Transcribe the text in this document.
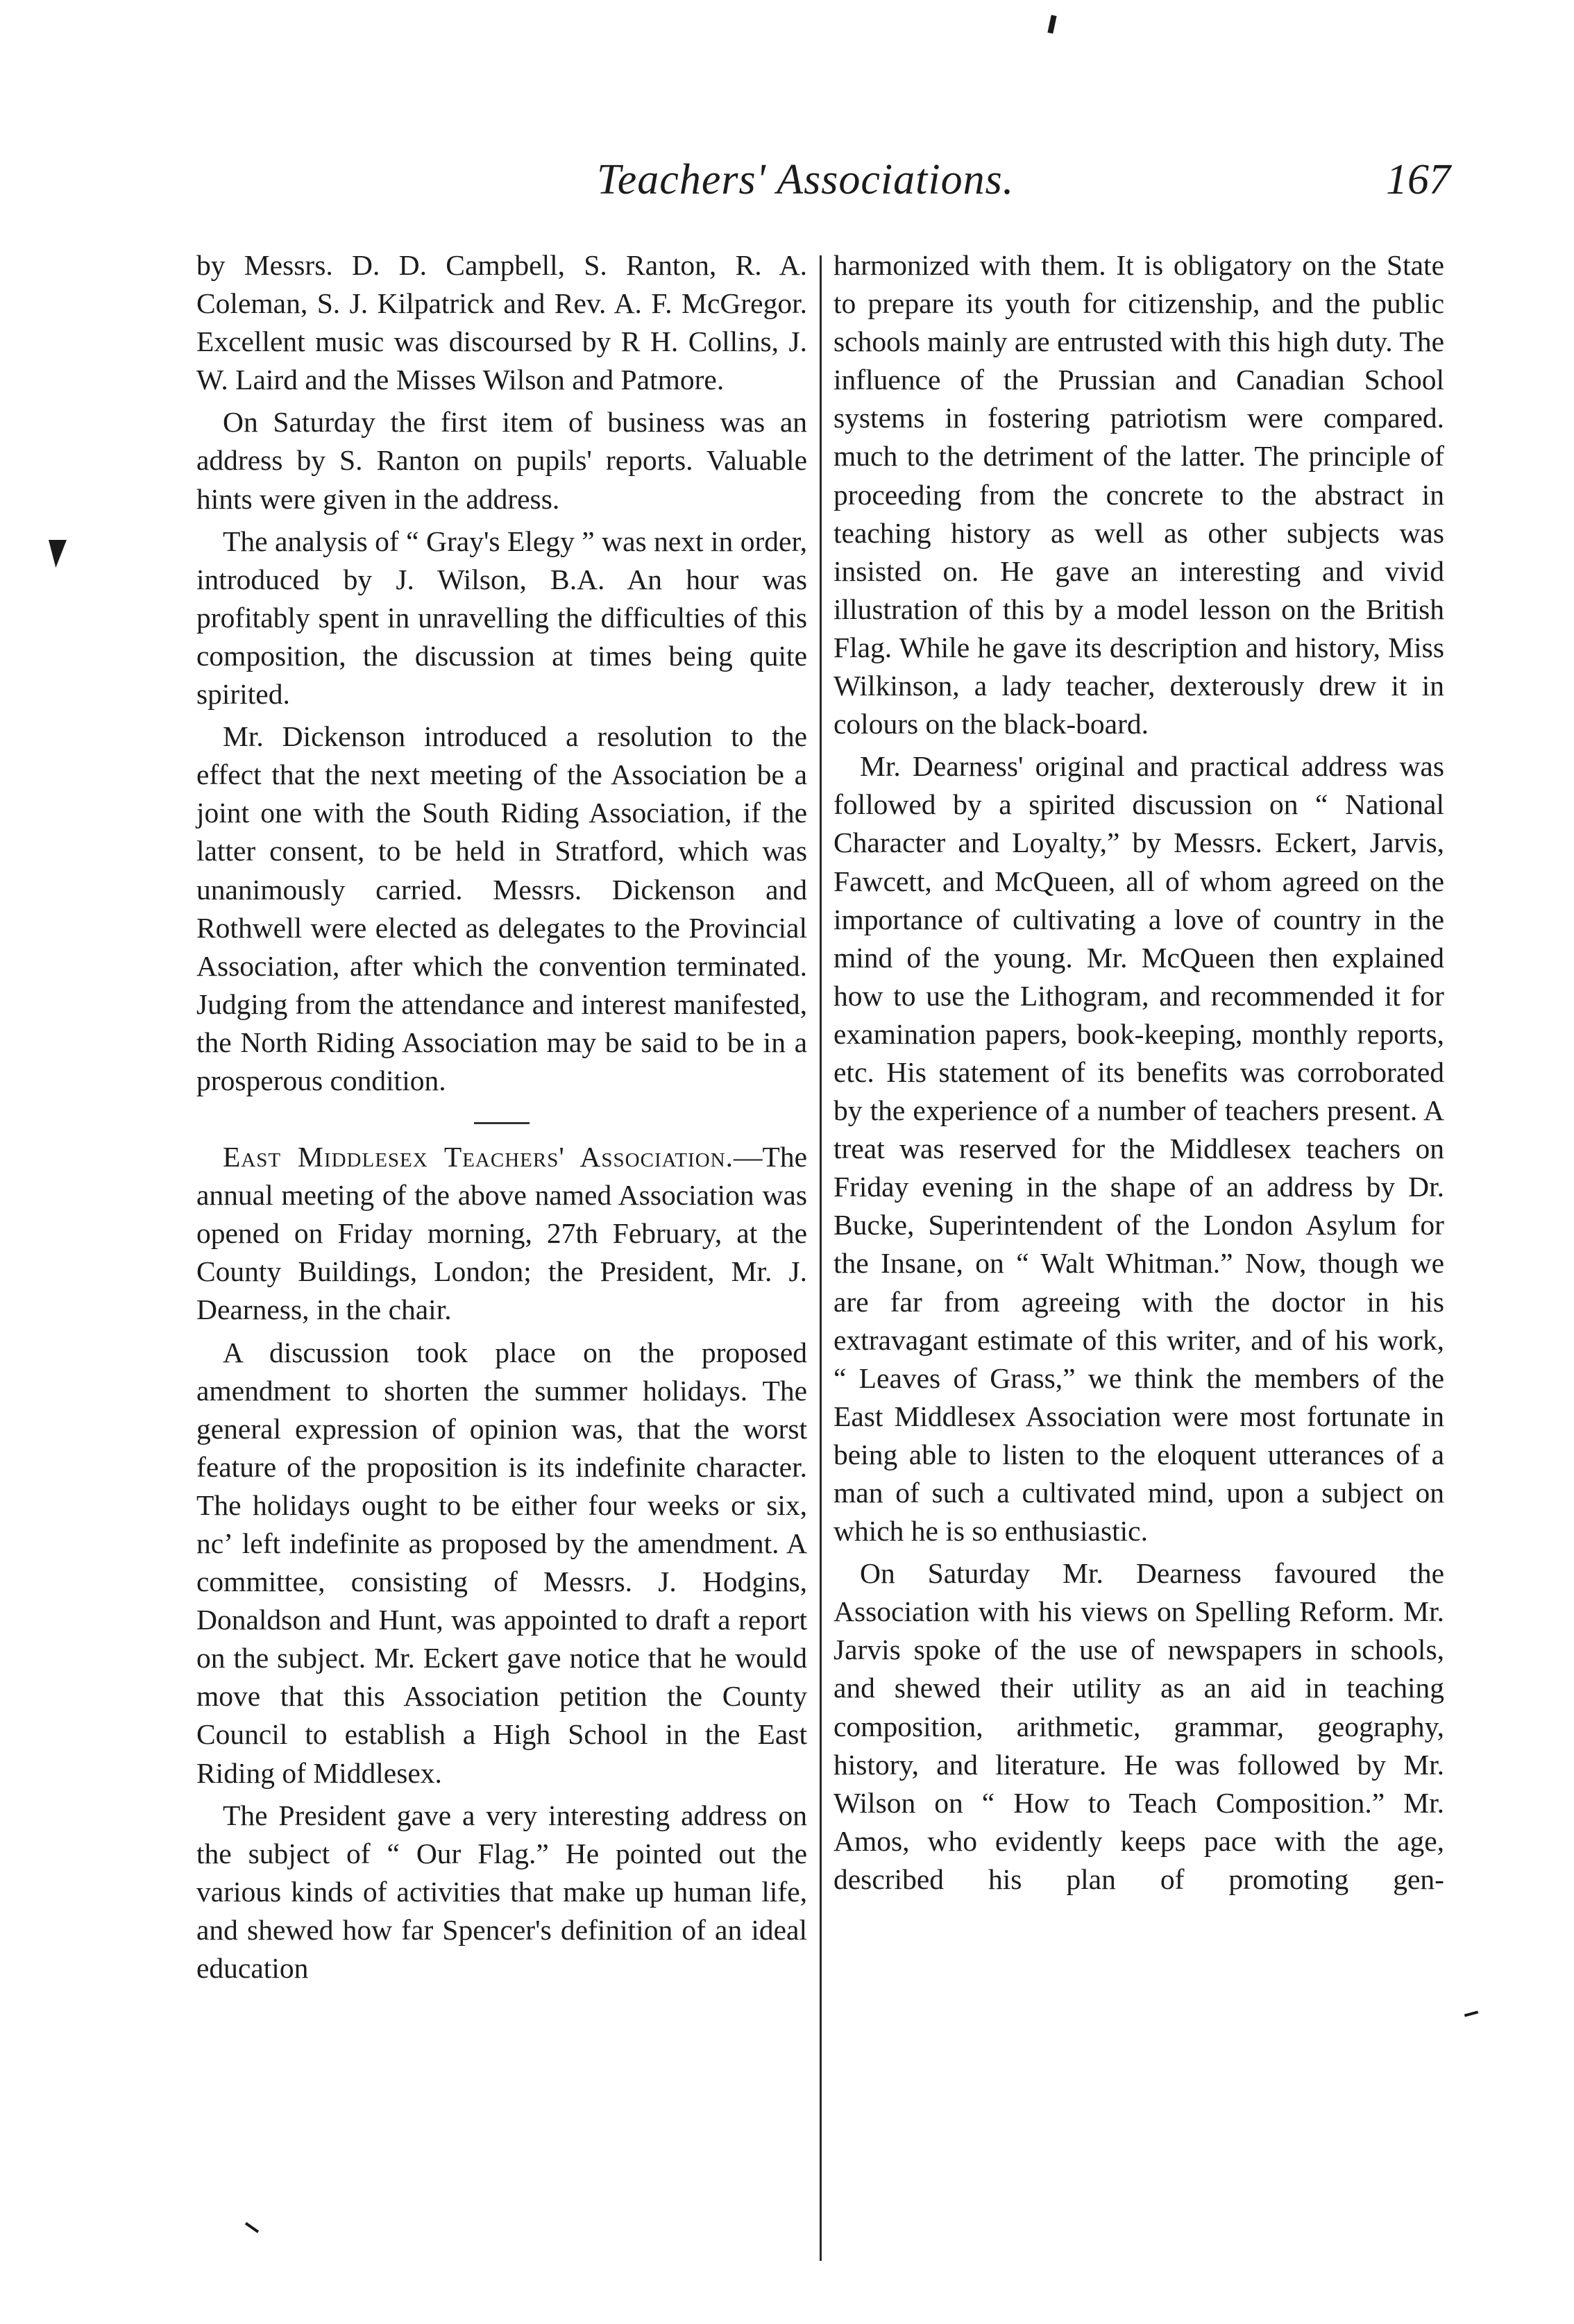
Teachers' Associations.	167

by Messrs. D. D. Campbell, S. Ranton, R. A. Coleman, S. J. Kilpatrick and Rev. A. F. McGregor. Excellent music was discoursed by R H. Collins, J. W. Laird and the Misses Wilson and Patmore.

On Saturday the first item of business was an address by S. Ranton on pupils' reports. Valuable hints were given in the address.

The analysis of “ Gray's Elegy ” was next in order, introduced by J. Wilson, B.A. An hour was profitably spent in unravelling the difficulties of this composition, the discussion at times being quite spirited.

Mr. Dickenson introduced a resolution to the effect that the next meeting of the Association be a joint one with the South Riding Association, if the latter consent, to be held in Stratford, which was unanimously carried. Messrs. Dickenson and Rothwell were elected as delegates to the Provincial Association, after which the convention terminated. Judging from the attendance and interest manifested, the North Riding Association may be said to be in a prosperous condition.

East Middlesex Teachers' Association.—The annual meeting of the above named Association was opened on Friday morning, 27th February, at the County Buildings, London; the President, Mr. J. Dearness, in the chair.

A discussion took place on the proposed amendment to shorten the summer holidays. The general expression of opinion was, that the worst feature of the proposition is its indefinite character. The holidays ought to be either four weeks or six, ncʼ left indefinite as proposed by the amendment. A committee, consisting of Messrs. J. Hodgins, Donaldson and Hunt, was appointed to draft a report on the subject. Mr. Eckert gave notice that he would move that this Association petition the County Council to establish a High School in the East Riding of Middlesex.

The President gave a very interesting address on the subject of “ Our Flag.” He pointed out the various kinds of activities that make up human life, and shewed how far Spencer's definition of an ideal education

harmonized with them. It is obligatory on the State to prepare its youth for citizenship, and the public schools mainly are entrusted with this high duty. The influence of the Prussian and Canadian School systems in fostering patriotism were compared. much to the detriment of the latter. The principle of proceeding from the concrete to the abstract in teaching history as well as other subjects was insisted on. He gave an interesting and vivid illustration of this by a model lesson on the British Flag. While he gave its description and history, Miss Wilkinson, a lady teacher, dexterously drew it in colours on the black-board.

Mr. Dearness' original and practical address was followed by a spirited discussion on “ National Character and Loyalty,” by Messrs. Eckert, Jarvis, Fawcett, and McQueen, all of whom agreed on the importance of cultivating a love of country in the mind of the young. Mr. McQueen then explained how to use the Lithogram, and recommended it for examination papers, book-keeping, monthly reports, etc. His statement of its benefits was corroborated by the experience of a number of teachers present. A treat was reserved for the Middlesex teachers on Friday evening in the shape of an address by Dr. Bucke, Superintendent of the London Asylum for the Insane, on “ Walt Whitman.” Now, though we are far from agreeing with the doctor in his extravagant estimate of this writer, and of his work, “ Leaves of Grass,” we think the members of the East Middlesex Association were most fortunate in being able to listen to the eloquent utterances of a man of such a cultivated mind, upon a subject on which he is so enthusiastic.

On Saturday Mr. Dearness favoured the Association with his views on Spelling Reform. Mr. Jarvis spoke of the use of newspapers in schools, and shewed their utility as an aid in teaching composition, arithmetic, grammar, geography, history, and literature. He was followed by Mr. Wilson on “ How to Teach Composition.” Mr. Amos, who evidently keeps pace with the age, described his plan of promoting gen-
